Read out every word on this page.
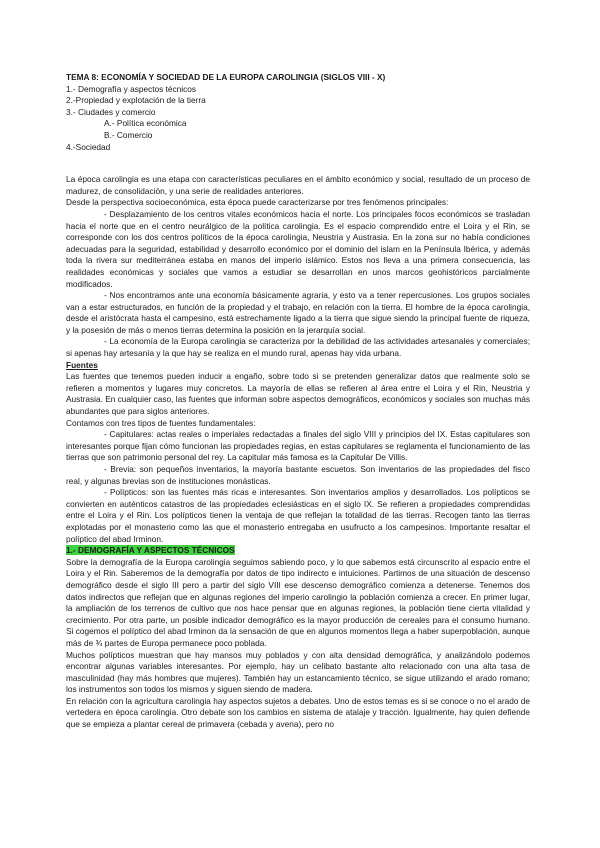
TEMA 8: ECONOMÍA Y SOCIEDAD DE LA EUROPA CAROLINGIA (SIGLOS VIII - X)
1.- Demografía y aspectos técnicos
2.-Propiedad y explotación de la tierra
3.- Ciudades y comercio
A.- Política económica
B.- Comercio
4.-Sociedad

La época carolingia es una etapa con características peculiares en el ámbito económico y social, resultado de un proceso de madurez, de consolidación, y una serie de realidades anteriores.

Desde la perspectiva socioeconómica, esta época puede caracterizarse por tres fenómenos principales:

- Desplazamiento de los centros vitales económicos hacia el norte. Los principales focos económicos se trasladan hacia el norte que en el centro neurálgico de la política carolingia. Es el espacio comprendido entre el Loira y el Rin, se corresponde con los dos centros políticos de la época carolingia, Neustria y Austrasia. En la zona sur no había condiciones adecuadas para la seguridad, estabilidad y desarrollo económico por el dominio del islam en la Península Ibérica, y además toda la rivera sur mediterránea estaba en manos del imperio islámico. Estos nos lleva a una primera consecuencia, las realidades económicas y sociales que vamos a estudiar se desarrollan en unos marcos geohistóricos parcialmente modificados.

- Nos encontramos ante una economía básicamente agraria, y esto va a tener repercusiones. Los grupos sociales van a estar estructurados, en función de la propiedad y el trabajo, en relación con la tierra. El hombre de la época carolingia, desde el aristócrata hasta el campesino, está estrechamente ligado a la tierra que sigue siendo la principal fuente de riqueza, y la posesión de más o menos tierras determina la posición en la jerarquía social.

- La economía de la Europa carolingia se caracteriza por la debilidad de las actividades artesanales y comerciales; si apenas hay artesanía y la que hay se realiza en el mundo rural, apenas hay vida urbana.

Fuentes

Las fuentes que tenemos pueden inducir a engaño, sobre todo si se pretenden generalizar datos que realmente solo se refieren a momentos y lugares muy concretos. La mayoría de ellas se refieren al área entre el Loira y el Rin, Neustria y Austrasia. En cualquier caso, las fuentes que informan sobre aspectos demográficos, económicos y sociales son muchas más abundantes que para siglos anteriores.

Contamos con tres tipos de fuentes fundamentales:

- Capitulares: actas reales o imperiales redactadas a finales del siglo VIII y principios del IX. Estas capitulares son interesantes porque fijan cómo funcionan las propiedades regias, en estas capitulares se reglamenta el funcionamiento de las tierras que son patrimonio personal del rey. La capitular más famosa es la Capitular De Villis.

- Brevia: son pequeños inventarios, la mayoría bastante escuetos. Son inventarios de las propiedades del fisco real, y algunas brevias son de instituciones monásticas.

- Polípticos: son las fuentes más ricas e interesantes. Son inventarios amplios y desarrollados. Los polípticos se convierten en auténticos catastros de las propiedades eclesiásticas en el siglo IX. Se refieren a propiedades comprendidas entre el Loira y el Rin. Los polípticos tienen la ventaja de que reflejan la totalidad de las tierras. Recogen tanto las tierras explotadas por el monasterio como las que el monasterio entregaba en usufructo a los campesinos. Importante resaltar el políptico del abad Irminon.

1.- DEMOGRAFÍA Y ASPECTOS TÉCNICOS

Sobre la demografía de la Europa carolingia seguimos sabiendo poco, y lo que sabemos está circunscrito al espacio entre el Loira y el Rin. Saberemos de la demografía por datos de tipo indirecto e intuiciones. Partimos de una situación de descenso demográfico desde el siglo III pero a partir del siglo VIII ese descenso demográfico comienza a detenerse. Tenemos dos datos indirectos que reflejan que en algunas regiones del imperio carolingio la población comienza a crecer. En primer lugar, la ampliación de los terrenos de cultivo que nos hace pensar que en algunas regiones, la población tiene cierta vitalidad y crecimiento. Por otra parte, un posible indicador demográfico es la mayor producción de cereales para el consumo humano. Si cogemos el políptico del abad Irminon da la sensación de que en algunos momentos llega a haber superpoblación, aunque más de ¾ partes de Europa permanece poco poblada.

Muchos polípticos muestran que hay mansos muy poblados y con alta densidad demográfica, y analizándolo podemos encontrar algunas variables interesantes. Por ejemplo, hay un celibato bastante alto relacionado con una alta tasa de masculinidad (hay más hombres que mujeres). También hay un estancamiento técnico, se sigue utilizando el arado romano; los instrumentos son todos los mismos y siguen siendo de madera.

En relación con la agricultura carolingia hay aspectos sujetos a debates. Uno de estos temas es si se conoce o no el arado de vertedera en época carolingia. Otro debate son los cambios en sistema de atalaje y tracción. Igualmente, hay quien defiende que se empieza a plantar cereal de primavera (cebada y avena), pero no
